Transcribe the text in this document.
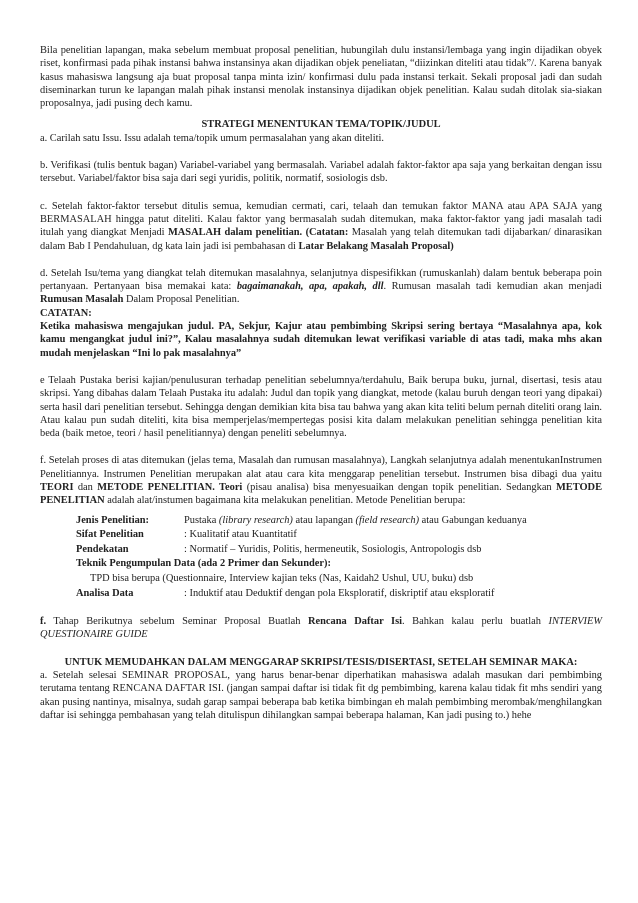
Bila penelitian lapangan, maka sebelum membuat proposal penelitian, hubungilah dulu instansi/lembaga yang ingin dijadikan obyek riset, konfirmasi pada pihak instansi bahwa instansinya akan dijadikan objek peneliatan, “diizinkan diteliti atau tidak”/. Karena banyak kasus mahasiswa langsung aja buat proposal tanpa minta izin/ konfirmasi dulu pada instansi terkait. Sekali proposal jadi dan sudah diseminarkan turun ke lapangan malah pihak instansi menolak instansinya dijadikan objek penelitian. Kalau sudah ditolak sia-siakan proposalnya, jadi pusing dech kamu.

STRATEGI MENENTUKAN TEMA/TOPIK/JUDUL

a. Carilah satu Issu. Issu adalah tema/topik umum permasalahan yang akan diteliti.

b. Verifikasi (tulis bentuk bagan) Variabel-variabel yang bermasalah. Variabel adalah faktor-faktor apa saja yang berkaitan dengan issu tersebut. Variabel/faktor bisa saja dari segi yuridis, politik, normatif, sosiologis dsb.

c. Setelah faktor-faktor tersebut ditulis semua, kemudian cermati, cari, telaah dan temukan faktor MANA atau APA SAJA yang BERMASALAH hingga patut diteliti. Kalau faktor yang bermasalah sudah ditemukan, maka faktor-faktor yang jadi masalah tadi itulah yang diangkat Menjadi MASALAH dalam penelitian. (Catatan: Masalah yang telah ditemukan tadi dijabarkan/ dinarasikan dalam Bab I Pendahuluan, dg kata lain jadi isi pembahasan di Latar Belakang Masalah Proposal)

d. Setelah Isu/tema yang diangkat telah ditemukan masalahnya, selanjutnya dispesifikkan (rumuskanlah) dalam bentuk beberapa poin pertanyaan. Pertanyaan bisa memakai kata: bagaimanakah, apa, apakah, dll. Rumusan masalah tadi kemudian akan menjadi Rumusan Masalah Dalam Proposal Penelitian.

CATATAN:

Ketika mahasiswa mengajukan judul. PA, Sekjur, Kajur atau pembimbing Skripsi sering bertaya “Masalahnya apa, kok kamu mengangkat judul ini?”, Kalau masalahnya sudah ditemukan lewat verifikasi variable di atas tadi, maka mhs akan mudah menjelaskan “Ini lo pak masalahnya”

e Telaah Pustaka berisi kajian/penulusuran terhadap penelitian sebelumnya/terdahulu, Baik berupa buku, jurnal, disertasi, tesis atau skripsi. Yang dibahas dalam Telaah Pustaka itu adalah: Judul dan topik yang diangkat, metode (kalau buruh dengan teori yang dipakai) serta hasil dari penelitian tersebut. Sehingga dengan demikian kita bisa tau bahwa yang akan kita teliti belum pernah diteliti orang lain. Atau kalau pun sudah diteliti, kita bisa memperjelas/mempertegas posisi kita dalam melakukan penelitian sehingga penelitian kita beda (baik metoe, teori / hasil penelitiannya) dengan peneliti sebelumnya.

f. Setelah proses di atas ditemukan (jelas tema, Masalah dan rumusan masalahnya), Langkah selanjutnya adalah menentukanInstrumen Penelitiannya. Instrumen Penelitian merupakan alat atau cara kita menggarap penelitian tersebut. Instrumen bisa dibagi dua yaitu TEORI dan METODE PENELITIAN. Teori (pisau analisa) bisa menyesuaikan dengan topik penelitian. Sedangkan METODE PENELITIAN adalah alat/instumen bagaimana kita melakukan penelitian. Metode Penelitian berupa:

Jenis Penelitian:	Pustaka (library research) atau lapangan (field research) atau Gabungan keduanya
Sifat Penelitian	: Kualitatif atau Kuantitatif
Pendekatan	: Normatif – Yuridis, Politis, hermeneutik, Sosiologis, Antropologis dsb
Teknik Pengumpulan Data (ada 2 Primer dan Sekunder):
TPD bisa berupa (Questionnaire, Interview kajian teks (Nas, Kaidah2 Ushul, UU, buku) dsb
Analisa Data	: Induktif atau Deduktif dengan pola Eksploratif, diskriptif atau eksploratif

f. Tahap Berikutnya sebelum Seminar Proposal Buatlah Rencana Daftar Isi. Bahkan kalau perlu buatlah INTERVIEW QUESTIONAIRE GUIDE

UNTUK MEMUDAHKAN DALAM MENGGARAP SKRIPSI/TESIS/DISERTASI, SETELAH SEMINAR MAKA:

a. Setelah selesai SEMINAR PROPOSAL, yang harus benar-benar diperhatikan mahasiswa adalah masukan dari pembimbing terutama tentang RENCANA DAFTAR ISI. (jangan sampai daftar isi tidak fit dg pembimbing, karena kalau tidak fit mhs sendiri yang akan pusing nantinya, misalnya, sudah garap sampai beberapa bab ketika bimbingan eh malah pembimbing merombak/menghilangkan daftar isi sehingga pembahasan yang telah ditulispun dihilangkan sampai beberapa halaman, Kan jadi pusing to.) hehe
